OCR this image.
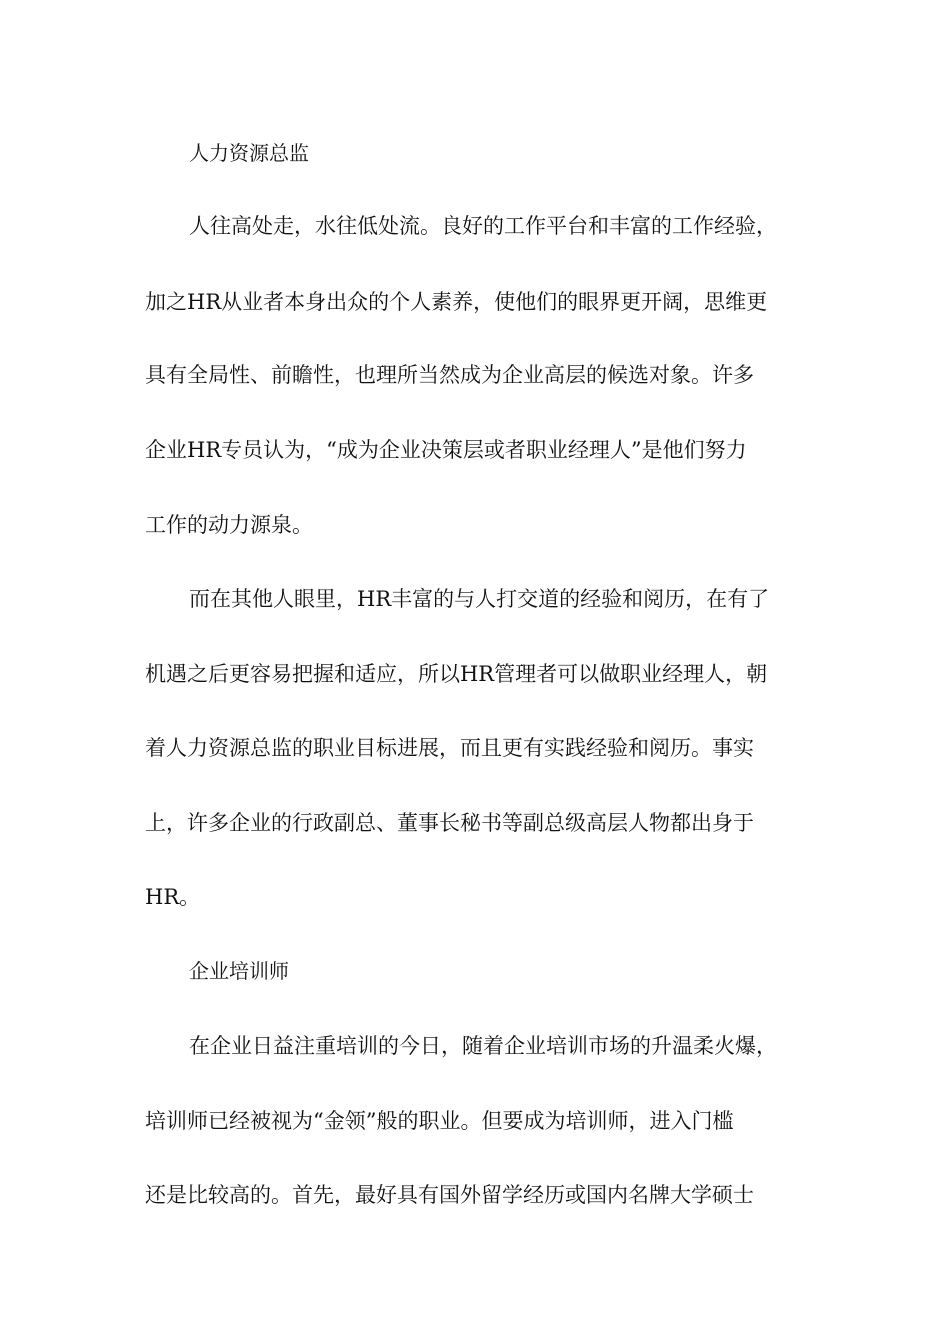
人力资源总监

人往高处走，水往低处流。良好的工作平台和丰富的工作经验，

加之HR从业者本身出众的个人素养，使他们的眼界更开阔，思维更

具有全局性、前瞻性，也理所当然成为企业高层的候选对象。许多

企业HR专员认为，“成为企业决策层或者职业经理人”是他们努力

工作的动力源泉。

而在其他人眼里，HR丰富的与人打交道的经验和阅历，在有了

机遇之后更容易把握和适应，所以HR管理者可以做职业经理人，朝

着人力资源总监的职业目标进展，而且更有实践经验和阅历。事实

上，许多企业的行政副总、董事长秘书等副总级高层人物都出身于

HR。

企业培训师

在企业日益注重培训的今日，随着企业培训市场的升温柔火爆，

培训师已经被视为“金领”般的职业。但要成为培训师，进入门槛

还是比较高的。首先，最好具有国外留学经历或国内名牌大学硕士
